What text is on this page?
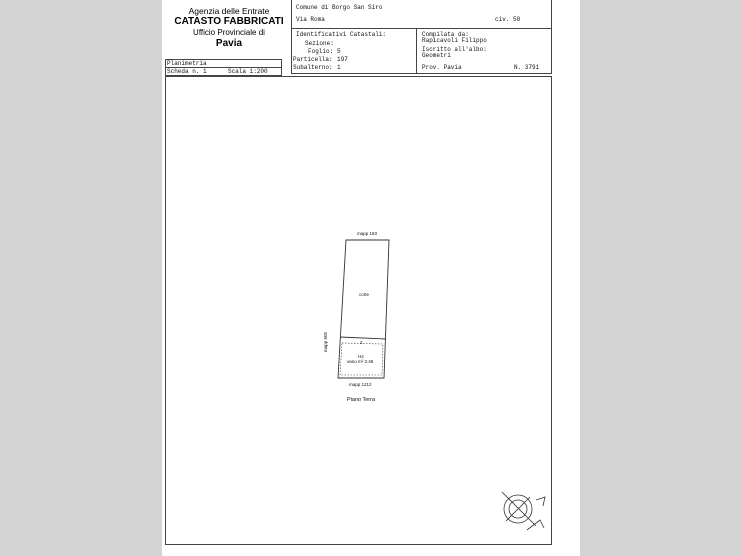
Agenzia delle Entrate
CATASTO FABBRICATI
Ufficio Provinciale di
Pavia
Comune di Borgo San Siro
Via Roma	civ. 50
Identificativi Catastali:
Sezione:
Foglio: 5
Particella: 197
Subalterno: 1
Compilata da:
Rapicavoli Filippo
Iscritto all'albo:
Geometri
Prov. Pavia	N. 3791
Planimetria
Scheda n. 1	Scala 1:200
mapp 183
corte
2
H4
vano m² 3.45
mapp 605
mapp 1212
Piano Terra
